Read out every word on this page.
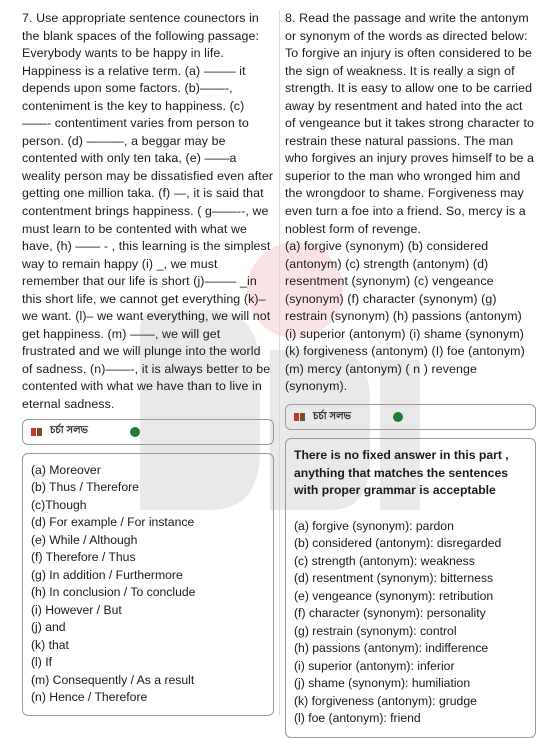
7. Use appropriate sentence counectors in the blank spaces of the following passage: Everybody wants to be happy in life. Happiness is a relative term. (a) ——– it depends upon some factors. (b)——-, conteniment is the key to happiness. (c) ——- contentiment varies from person to person. (d) ———, a beggar may be contented with only ten taka, (e) ——a weality person may be dissatisfied even after getting one million taka. (f) —, it is said that contentment brings happiness. ( g——--, we must learn to be contented with what we have, (h) —— - , this learning is the simplest way to remain happy (i) _, we must remember that our life is short (j)——– _in this short life, we cannot get everything (k)– we want. (l)– we want everything, we will not get happiness. (m) ——, we will get frustrated and we will plunge into the world of sadness. (n)——-, it is always better to be contented with what we have than to live in eternal sadness.

চর্চা সলভ

(a) Moreover

(b) Thus / Therefore

(c)Though

(d) For example / For instance

(e) While / Although

(f) Therefore / Thus

(g) In addition / Furthermore

(h) In conclusion / To conclude

(i) However / But

(j) and

(k) that

(l) If

(m) Consequently / As a result

(n) Hence / Therefore

8. Read the passage and write the antonym or synonym of the words as directed below: To forgive an injury is often considered to be the sign of weakness. It is really a sign of strength. It is easy to allow one to be carried away by resentment and hated into the act of vengeance but it takes strong character to restrain these natural passions. The man who forgives an injury proves himself to be a superior to the man who wronged him and the wrongdoor to shame. Forgiveness may even turn a foe into a friend. So, mercy is a noblest form of revenge.

(a) forgive (synonym) (b) considered (antonym) (c) strength (antonym) (d) resentment (synonym) (c) vengeance (synonym) (f) character (synonym) (g) restrain (synonym) (h) passions (antonym) (i) superior (antonym) (i) shame (synonym) (k) forgiveness (antonym) (I) foe (antonym) (m) mercy (antonym) ( n ) revenge (synonym).

চর্চা সলভ

There is no fixed answer in this part , anything that matches the sentences with proper grammar is acceptable

(a) forgive (synonym): pardon

(b) considered (antonym): disregarded

(c) strength (antonym): weakness

(d) resentment (synonym): bitterness

(e) vengeance (synonym): retribution

(f) character (synonym): personality

(g) restrain (synonym): control

(h) passions (antonym): indifference

(i) superior (antonym): inferior

(j) shame (synonym): humiliation

(k) forgiveness (antonym): grudge

(l) foe (antonym): friend
